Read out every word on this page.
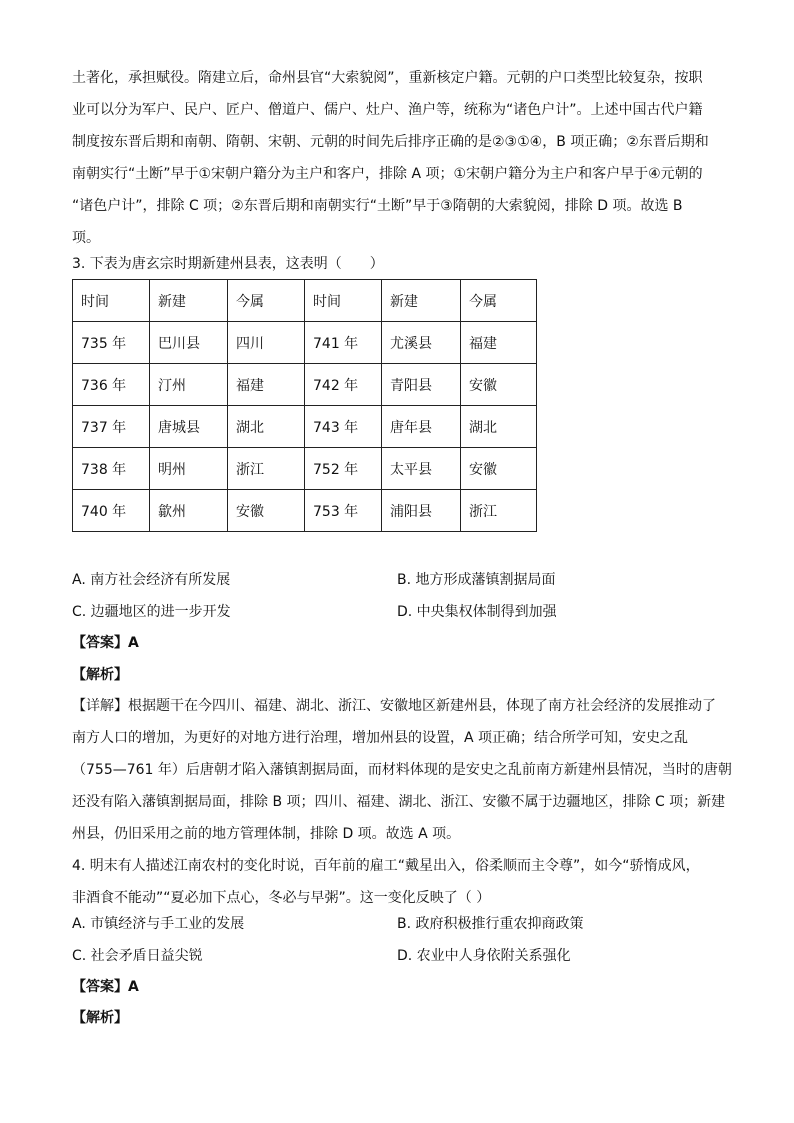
土著化，承担赋役。隋建立后，命州县官“大索貌阅”，重新核定户籍。元朝的户口类型比较复杂，按职
业可以分为军户、民户、匠户、僧道户、儒户、灶户、渔户等，统称为“诸色户计”。上述中国古代户籍
制度按东晋后期和南朝、隋朝、宋朝、元朝的时间先后排序正确的是②③①④，B 项正确；②东晋后期和
南朝实行“土断”早于①宋朝户籍分为主户和客户，排除 A 项；①宋朝户籍分为主户和客户早于④元朝的
“诸色户计”，排除 C 项；②东晋后期和南朝实行“土断”早于③隋朝的大索貌阅，排除 D 项。故选 B
项。
3. 下表为唐玄宗时期新建州县表，这表明（　　）
时间	新建	今属	时间	新建	今属
735 年	巴川县	四川	741 年	尤溪县	福建
736 年	汀州	福建	742 年	青阳县	安徽
737 年	唐城县	湖北	743 年	唐年县	湖北
738 年	明州	浙江	752 年	太平县	安徽
740 年	歙州	安徽	753 年	浦阳县	浙江
A. 南方社会经济有所发展	B. 地方形成藩镇割据局面
C. 边疆地区的进一步开发	D. 中央集权体制得到加强
【答案】A
【解析】
【详解】根据题干在今四川、福建、湖北、浙江、安徽地区新建州县，体现了南方社会经济的发展推动了
南方人口的增加，为更好的对地方进行治理，增加州县的设置，A 项正确；结合所学可知，安史之乱
（755—761 年）后唐朝才陷入藩镇割据局面，而材料体现的是安史之乱前南方新建州县情况，当时的唐朝
还没有陷入藩镇割据局面，排除 B 项；四川、福建、湖北、浙江、安徽不属于边疆地区，排除 C 项；新建
州县，仍旧采用之前的地方管理体制，排除 D 项。故选 A 项。
4. 明末有人描述江南农村的变化时说，百年前的雇工“戴星出入，俗柔顺而主令尊”，如今“骄惰成风，
非酒食不能动”“夏必加下点心，冬必与早粥”。这一变化反映了（ ）
A. 市镇经济与手工业的发展	B. 政府积极推行重农抑商政策
C. 社会矛盾日益尖锐	D. 农业中人身依附关系强化
【答案】A
【解析】
